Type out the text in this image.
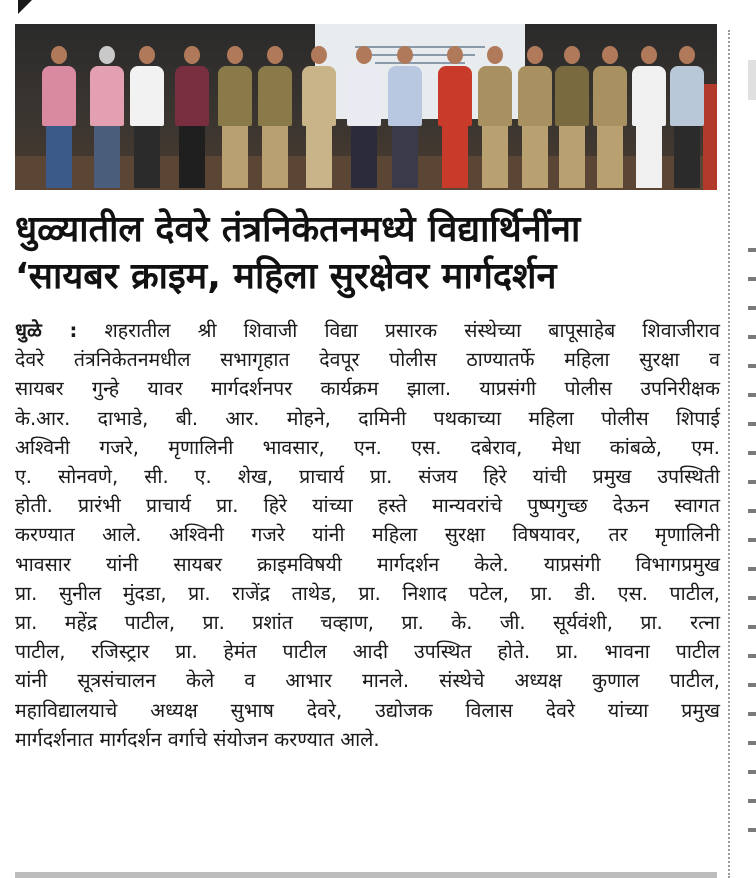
धुळ्यातील देवरे तंत्रनिकेतनमध्ये विद्यार्थिनींना
‘सायबर क्राइम, महिला सुरक्षेवर मार्गदर्शन
धुळे : शहरातील श्री शिवाजी विद्या प्रसारक संस्थेच्या बापूसाहेब शिवाजीराव
देवरे तंत्रनिकेतनमधील सभागृहात देवपूर पोलीस ठाण्यातर्फे महिला सुरक्षा व
सायबर गुन्हे यावर मार्गदर्शनपर कार्यक्रम झाला. याप्रसंगी पोलीस उपनिरीक्षक
के.आर. दाभाडे, बी. आर. मोहने, दामिनी पथकाच्या महिला पोलीस शिपाई
अश्विनी गजरे, मृणालिनी भावसार, एन. एस. दबेराव, मेधा कांबळे, एम.
ए. सोनवणे, सी. ए. शेख, प्राचार्य प्रा. संजय हिरे यांची प्रमुख उपस्थिती
होती. प्रारंभी प्राचार्य प्रा. हिरे यांच्या हस्ते मान्यवरांचे पुष्पगुच्छ देऊन स्वागत
करण्यात आले. अश्विनी गजरे यांनी महिला सुरक्षा विषयावर, तर मृणालिनी
भावसार यांनी सायबर क्राइमविषयी मार्गदर्शन केले. याप्रसंगी विभागप्रमुख
प्रा. सुनील मुंदडा, प्रा. राजेंद्र ताथेड, प्रा. निशाद पटेल, प्रा. डी. एस. पाटील,
प्रा. महेंद्र पाटील, प्रा. प्रशांत चव्हाण, प्रा. के. जी. सूर्यवंशी, प्रा. रत्ना
पाटील, रजिस्ट्रार प्रा. हेमंत पाटील आदी उपस्थित होते. प्रा. भावना पाटील
यांनी सूत्रसंचालन केले व आभार मानले. संस्थेचे अध्यक्ष कुणाल पाटील,
महाविद्यालयाचे अध्यक्ष सुभाष देवरे, उद्योजक विलास देवरे यांच्या प्रमुख
मार्गदर्शनात मार्गदर्शन वर्गाचे संयोजन करण्यात आले.
